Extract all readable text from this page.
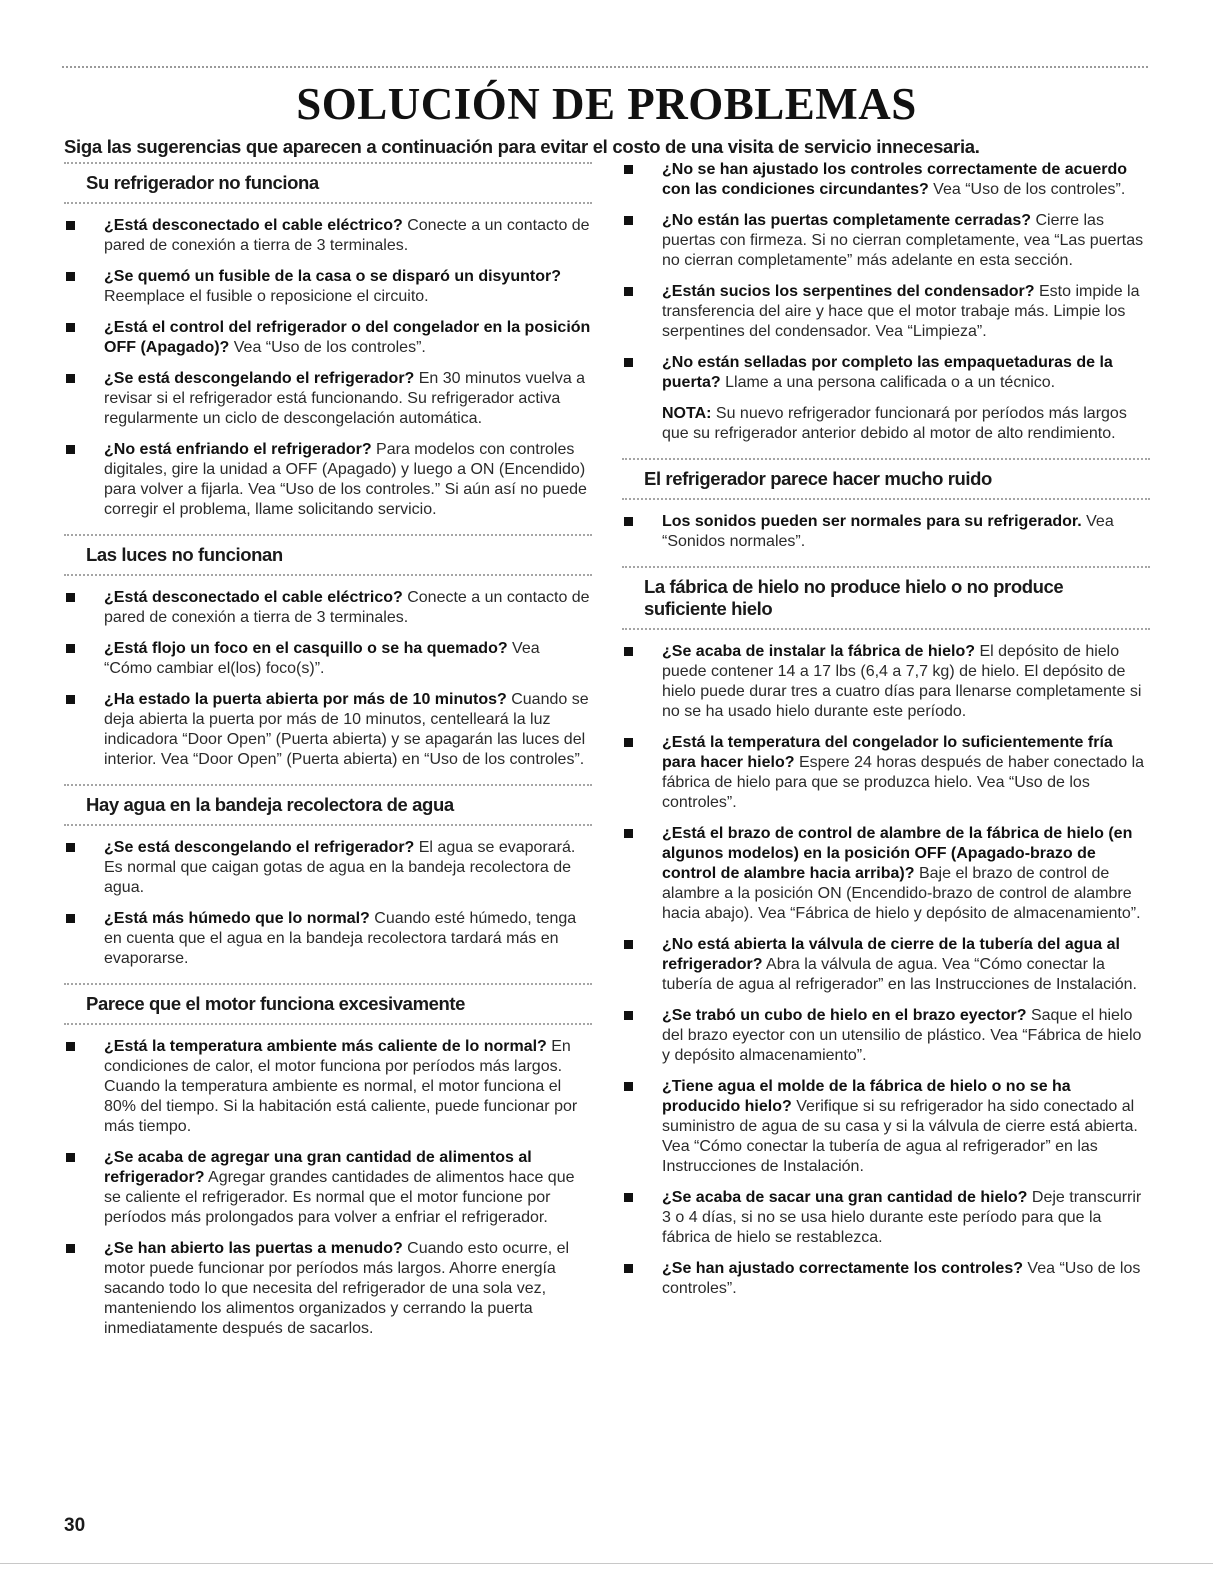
SOLUCIÓN DE PROBLEMAS

Siga las sugerencias que aparecen a continuación para evitar el costo de una visita de servicio innecesaria.

Su refrigerador no funciona
¿Está desconectado el cable eléctrico? Conecte a un contacto de pared de conexión a tierra de 3 terminales.
¿Se quemó un fusible de la casa o se disparó un disyuntor? Reemplace el fusible o reposicione el circuito.
¿Está el control del refrigerador o del congelador en la posición OFF (Apagado)? Vea “Uso de los controles”.
¿Se está descongelando el refrigerador? En 30 minutos vuelva a revisar si el refrigerador está funcionando. Su refrigerador activa regularmente un ciclo de descongelación automática.
¿No está enfriando el refrigerador? Para modelos con controles digitales, gire la unidad a OFF (Apagado) y luego a ON (Encendido) para volver a fijarla. Vea “Uso de los controles.” Si aún así no puede corregir el problema, llame solicitando servicio.
Las luces no funcionan
¿Está desconectado el cable eléctrico? Conecte a un contacto de pared de conexión a tierra de 3 terminales.
¿Está flojo un foco en el casquillo o se ha quemado? Vea “Cómo cambiar el(los) foco(s)”.
¿Ha estado la puerta abierta por más de 10 minutos? Cuando se deja abierta la puerta por más de 10 minutos, centelleará la luz indicadora “Door Open” (Puerta abierta) y se apagarán las luces del interior. Vea “Door Open” (Puerta abierta) en “Uso de los controles”.
Hay agua en la bandeja recolectora de agua
¿Se está descongelando el refrigerador? El agua se evaporará. Es normal que caigan gotas de agua en la bandeja recolectora de agua.
¿Está más húmedo que lo normal? Cuando esté húmedo, tenga en cuenta que el agua en la bandeja recolectora tardará más en evaporarse.
Parece que el motor funciona excesivamente
¿Está la temperatura ambiente más caliente de lo normal? En condiciones de calor, el motor funciona por períodos más largos. Cuando la temperatura ambiente es normal, el motor funciona el 80% del tiempo. Si la habitación está caliente, puede funcionar por más tiempo.
¿Se acaba de agregar una gran cantidad de alimentos al refrigerador? Agregar grandes cantidades de alimentos hace que se caliente el refrigerador. Es normal que el motor funcione por períodos más prolongados para volver a enfriar el refrigerador.
¿Se han abierto las puertas a menudo? Cuando esto ocurre, el motor puede funcionar por períodos más largos. Ahorre energía sacando todo lo que necesita del refrigerador de una sola vez, manteniendo los alimentos organizados y cerrando la puerta inmediatamente después de sacarlos.
¿No se han ajustado los controles correctamente de acuerdo con las condiciones circundantes? Vea “Uso de los controles”.
¿No están las puertas completamente cerradas? Cierre las puertas con firmeza. Si no cierran completamente, vea “Las puertas no cierran completamente” más adelante en esta sección.
¿Están sucios los serpentines del condensador? Esto impide la transferencia del aire y hace que el motor trabaje más. Limpie los serpentines del condensador. Vea “Limpieza”.
¿No están selladas por completo las empaquetaduras de la puerta? Llame a una persona calificada o a un técnico.

NOTA: Su nuevo refrigerador funcionará por períodos más largos que su refrigerador anterior debido al motor de alto rendimiento.

El refrigerador parece hacer mucho ruido
Los sonidos pueden ser normales para su refrigerador. Vea “Sonidos normales”.
La fábrica de hielo no produce hielo o no produce suficiente hielo
¿Se acaba de instalar la fábrica de hielo? El depósito de hielo puede contener 14 a 17 lbs (6,4 a 7,7 kg) de hielo. El depósito de hielo puede durar tres a cuatro días para llenarse completamente si no se ha usado hielo durante este período.
¿Está la temperatura del congelador lo suficientemente fría para hacer hielo? Espere 24 horas después de haber conectado la fábrica de hielo para que se produzca hielo. Vea “Uso de los controles”.
¿Está el brazo de control de alambre de la fábrica de hielo (en algunos modelos) en la posición OFF (Apagado-brazo de control de alambre hacia arriba)? Baje el brazo de control de alambre a la posición ON (Encendido-brazo de control de alambre hacia abajo). Vea “Fábrica de hielo y depósito de almacenamiento”.
¿No está abierta la válvula de cierre de la tubería del agua al refrigerador? Abra la válvula de agua. Vea “Cómo conectar la tubería de agua al refrigerador” en las Instrucciones de Instalación.
¿Se trabó un cubo de hielo en el brazo eyector? Saque el hielo del brazo eyector con un utensilio de plástico. Vea “Fábrica de hielo y depósito almacenamiento”.
¿Tiene agua el molde de la fábrica de hielo o no se ha producido hielo? Verifique si su refrigerador ha sido conectado al suministro de agua de su casa y si la válvula de cierre está abierta. Vea “Cómo conectar la tubería de agua al refrigerador” en las Instrucciones de Instalación.
¿Se acaba de sacar una gran cantidad de hielo? Deje transcurrir 3 o 4 días, si no se usa hielo durante este período para que la fábrica de hielo se restablezca.
¿Se han ajustado correctamente los controles? Vea “Uso de los controles”.
30
